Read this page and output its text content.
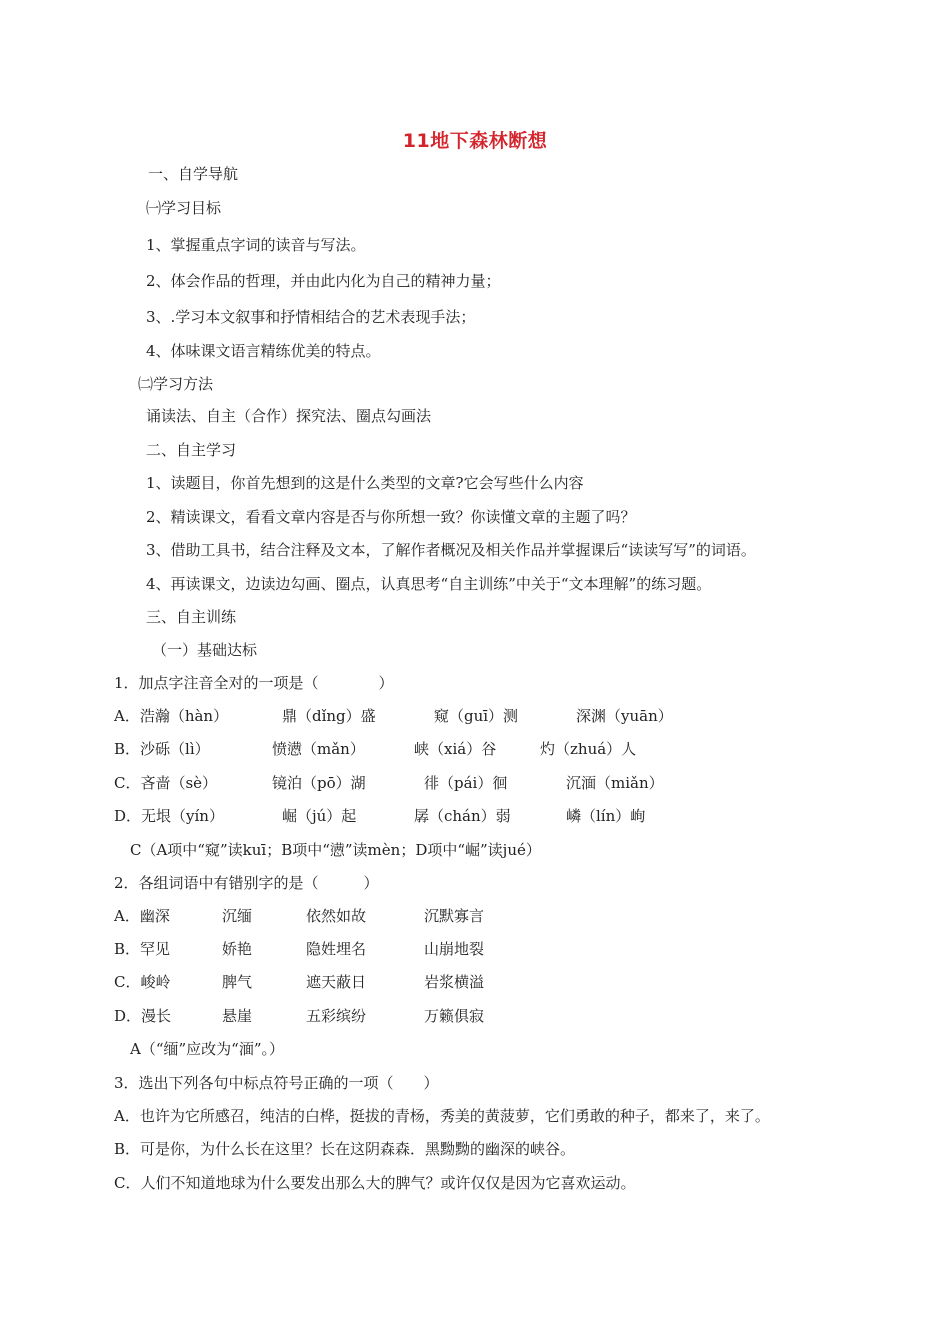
11地下森林断想
一、自学导航
㈠学习目标
1、掌握重点字词的读音与写法。
2、体会作品的哲理，并由此内化为自己的精神力量；
3、.学习本文叙事和抒情相结合的艺术表现手法；
4、体味课文语言精练优美的特点。
㈡学习方法
诵读法、自主（合作）探究法、圈点勾画法
二、自主学习
1、读题目，你首先想到的这是什么类型的文章?它会写些什么内容
2、精读课文，看看文章内容是否与你所想一致？你读懂文章的主题了吗？
3、借助工具书，结合注释及文本，了解作者概况及相关作品并掌握课后“读读写写”的词语。
4、再读课文，边读边勾画、圈点，认真思考“自主训练”中关于“文本理解”的练习题。
三、自主训练
（一）基础达标
1．加点字注音全对的一项是（　　　　）
A．浩瀚（hàn）	鼎（dǐng）盛	窥（guī）测	深渊（yuān）
B．沙砾（lì）	愤懑（mǎn）	峡（xiá）谷	灼（zhuá）人
C．吝啬（sè）	镜泊（pō）湖	徘（pái）徊	沉湎（miǎn）
D．无垠（yín）	崛（jú）起	孱（chán）弱	嶙（lín）峋
C（A项中“窥”读kuī；B项中“懑”读mèn；D项中“崛”读jué）
2．各组词语中有错别字的是（　　　）
A．幽深	沉缅	依然如故	沉默寡言
B．罕见	娇艳	隐姓埋名	山崩地裂
C．峻岭	脾气	遮天蔽日	岩浆横溢
D．漫长	悬崖	五彩缤纷	万籁俱寂
A（“缅”应改为“湎”。）
3．选出下列各句中标点符号正确的一项（　　）
A．也许为它所感召，纯洁的白桦，挺拔的青杨，秀美的黄菠萝，它们勇敢的种子，都来了，来了。
B．可是你，为什么长在这里？长在这阴森森．黑黝黝的幽深的峡谷。
C．人们不知道地球为什么要发出那么大的脾气？或许仅仅是因为它喜欢运动。
